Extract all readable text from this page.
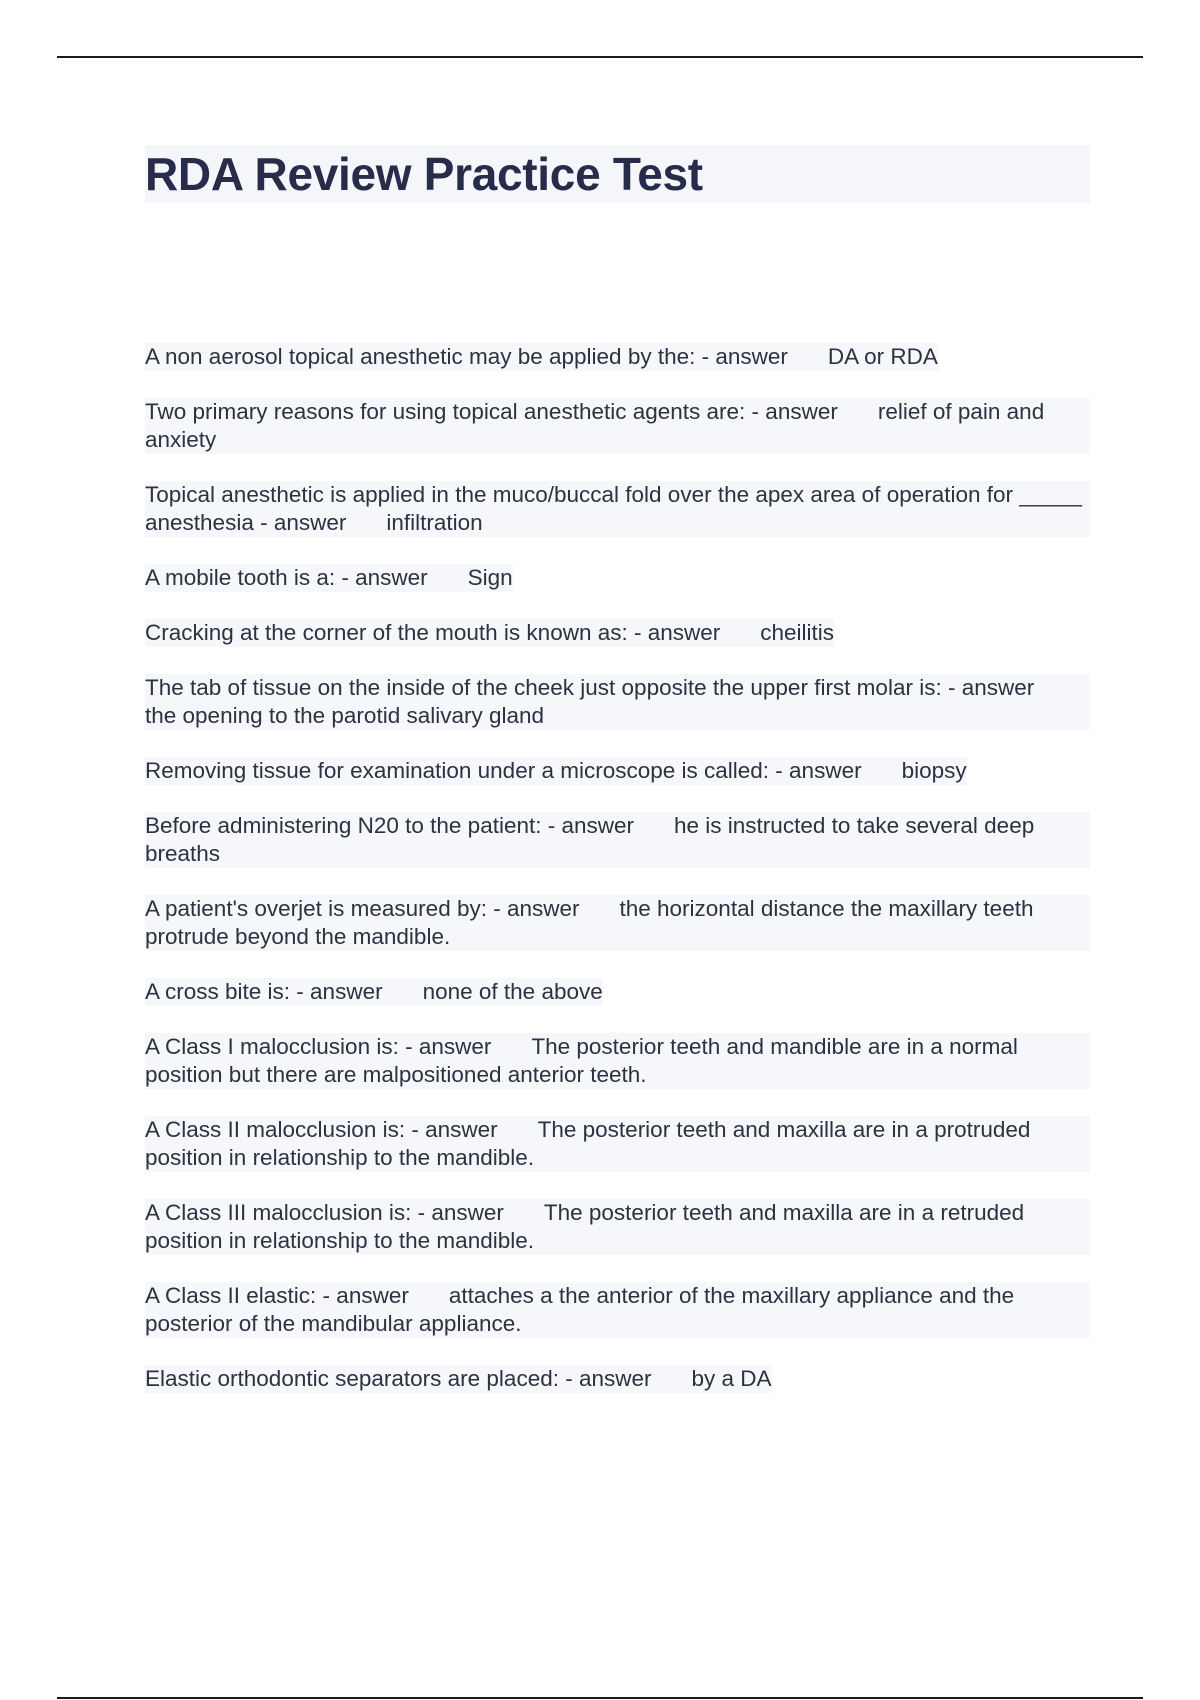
RDA Review Practice Test
A non aerosol topical anesthetic may be applied by the: - answer DA or RDA
Two primary reasons for using topical anesthetic agents are: - answer relief of pain and anxiety
Topical anesthetic is applied in the muco/buccal fold over the apex area of operation for _____ anesthesia - answer infiltration
A mobile tooth is a: - answer Sign
Cracking at the corner of the mouth is known as: - answer cheilitis
The tab of tissue on the inside of the cheek just opposite the upper first molar is: - answerthe opening to the parotid salivary gland
Removing tissue for examination under a microscope is called: - answer biopsy
Before administering N20 to the patient: - answer he is instructed to take several deep breaths
A patient's overjet is measured by: - answer the horizontal distance the maxillary teeth protrude beyond the mandible.
A cross bite is: - answer none of the above
A Class I malocclusion is: - answer The posterior teeth and mandible are in a normal position but there are malpositioned anterior teeth.
A Class II malocclusion is: - answer The posterior teeth and maxilla are in a protruded position in relationship to the mandible.
A Class III malocclusion is: - answer The posterior teeth and maxilla are in a retruded position in relationship to the mandible.
A Class II elastic: - answer attaches a the anterior of the maxillary appliance and the posterior of the mandibular appliance.
Elastic orthodontic separators are placed: - answer by a DA
